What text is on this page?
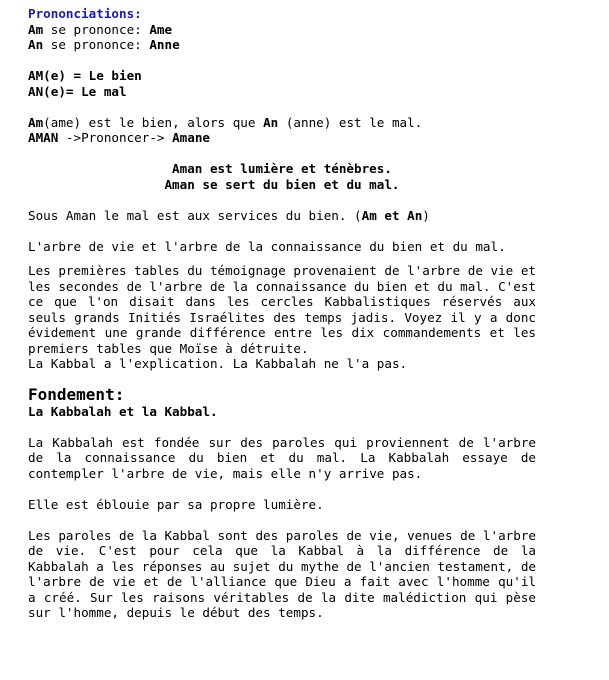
Prononciations:

Am se prononce: Ame

An se prononce: Anne

AM(e) = Le bien

AN(e)= Le mal

Am(ame) est le bien, alors que An (anne) est le mal.

AMAN ->Prononcer-> Amane

Aman est lumière et ténèbres.

Aman se sert du bien et du mal.

Sous Aman le mal est aux services du bien. (Am et An)

L'arbre de vie et l'arbre de la connaissance du bien et du mal.

Les premières tables du témoignage provenaient de l'arbre de vie et les secondes de l'arbre de la connaissance du bien et du mal. C'est ce que l'on disait dans les cercles Kabbalistiques réservés aux seuls grands Initiés Israélites des temps jadis. Voyez il y a donc évidement une grande différence entre les dix commandements et les premiers tables que Moïse à détruite.

La Kabbal a l'explication. La Kabbalah ne l'a pas.

Fondement:

La Kabbalah et la Kabbal.

La Kabbalah est fondée sur des paroles qui proviennent de l'arbre de la connaissance du bien et du mal. La Kabbalah essaye de contempler l'arbre de vie, mais elle n'y arrive pas.

Elle est éblouie par sa propre lumière.

Les paroles de la Kabbal sont des paroles de vie, venues de l'arbre de vie. C'est pour cela que la Kabbal à la différence de la Kabbalah a les réponses au sujet du mythe de l'ancien testament, de l'arbre de vie et de l'alliance que Dieu a fait avec l'homme qu'il a créé. Sur les raisons véritables de la dite malédiction qui pèse sur l'homme, depuis le début des temps.
